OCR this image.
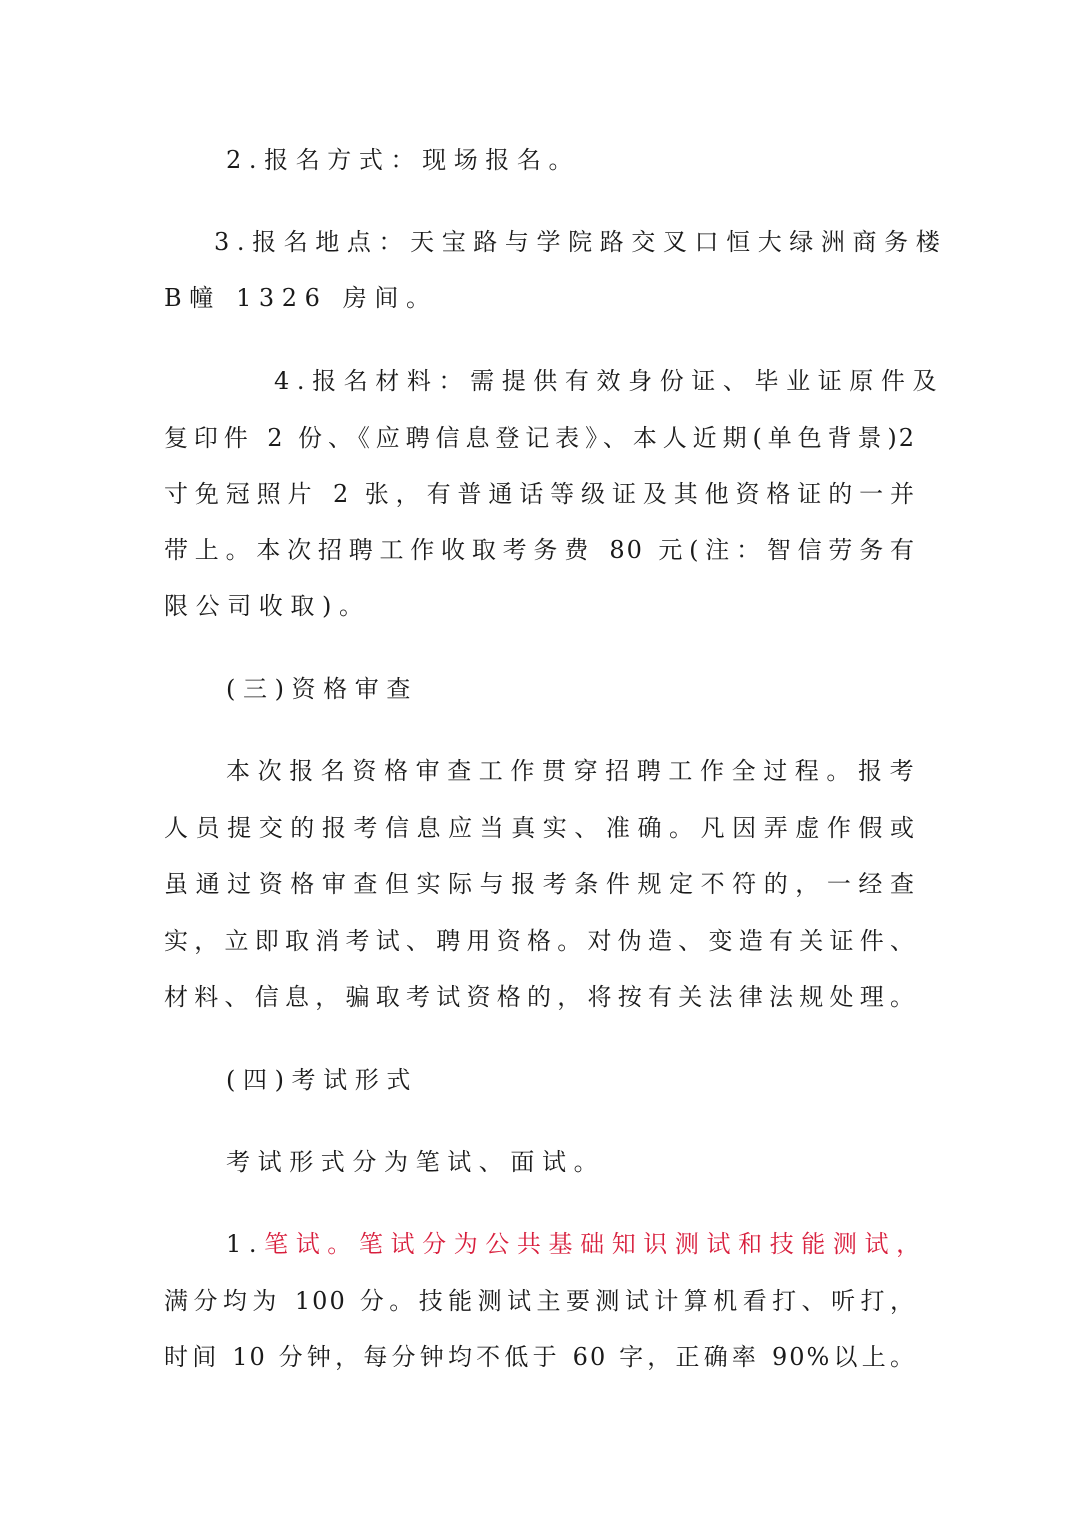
2.报名方式：现场报名。
3.报名地点：天宝路与学院路交叉口恒大绿洲商务楼
B幢 1326 房间。
4.报名材料：需提供有效身份证、毕业证原件及
复印件 2 份、《应聘信息登记表》、本人近期(单色背景)2
寸免冠照片 2 张，有普通话等级证及其他资格证的一并
带上。本次招聘工作收取考务费 80 元(注：智信劳务有
限公司收取)。
(三)资格审查
本次报名资格审查工作贯穿招聘工作全过程。报考
人员提交的报考信息应当真实、准确。凡因弄虚作假或
虽通过资格审查但实际与报考条件规定不符的，一经查
实，立即取消考试、聘用资格。对伪造、变造有关证件、
材料、信息，骗取考试资格的，将按有关法律法规处理。
(四)考试形式
考试形式分为笔试、面试。
1.笔试。笔试分为公共基础知识测试和技能测试，
满分均为 100 分。技能测试主要测试计算机看打、听打，
时间 10 分钟，每分钟均不低于 60 字，正确率 90%以上。
